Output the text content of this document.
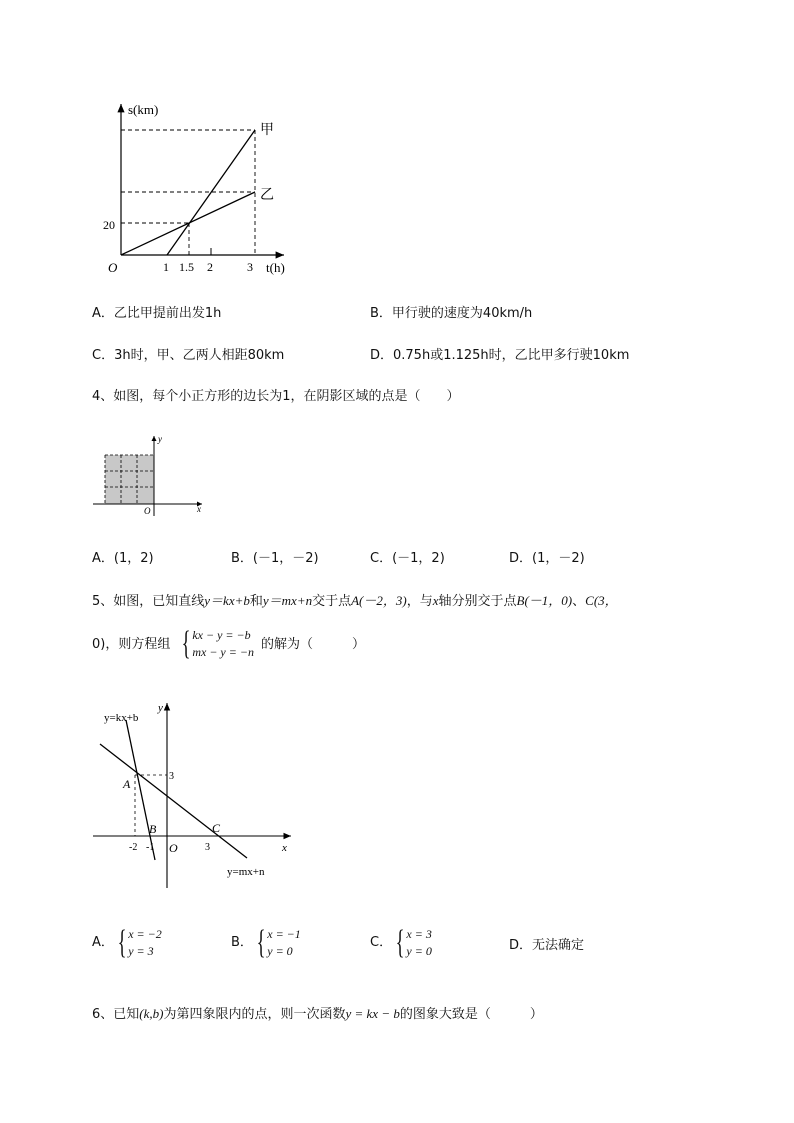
s(km)
t(h)
O
20
1 1.5 2	3
甲
乙
A．乙比甲提前出发1h	B．甲行驶的速度为40km/h
C．3h时，甲、乙两人相距80km	D．0.75h或1.125h时，乙比甲多行驶10km
4、如图，每个小正方形的边长为1，在阴影区域的点是（　　）
x
y
O
A．(1，2)	B．(－1，－2)	C．(－1，2)	D．(1，－2)
5、如图，已知直线y＝kx+b和y＝mx+n交于点A(－2，3)，与x轴分别交于点B(－1，0)、C(3，
0)，则方程组 { kx − y = −b
mx − y = −n 的解为（　　　）
y=kx+b
y=mx+n
y
x
O
A
B	C
3
-2 -1	3
A． { x = −2
y = 3
B． { x = −1
y = 0
C． { x = 3
y = 0	D．无法确定
6、已知(k,b)为第四象限内的点，则一次函数y = kx − b的图象大致是（　　　）
